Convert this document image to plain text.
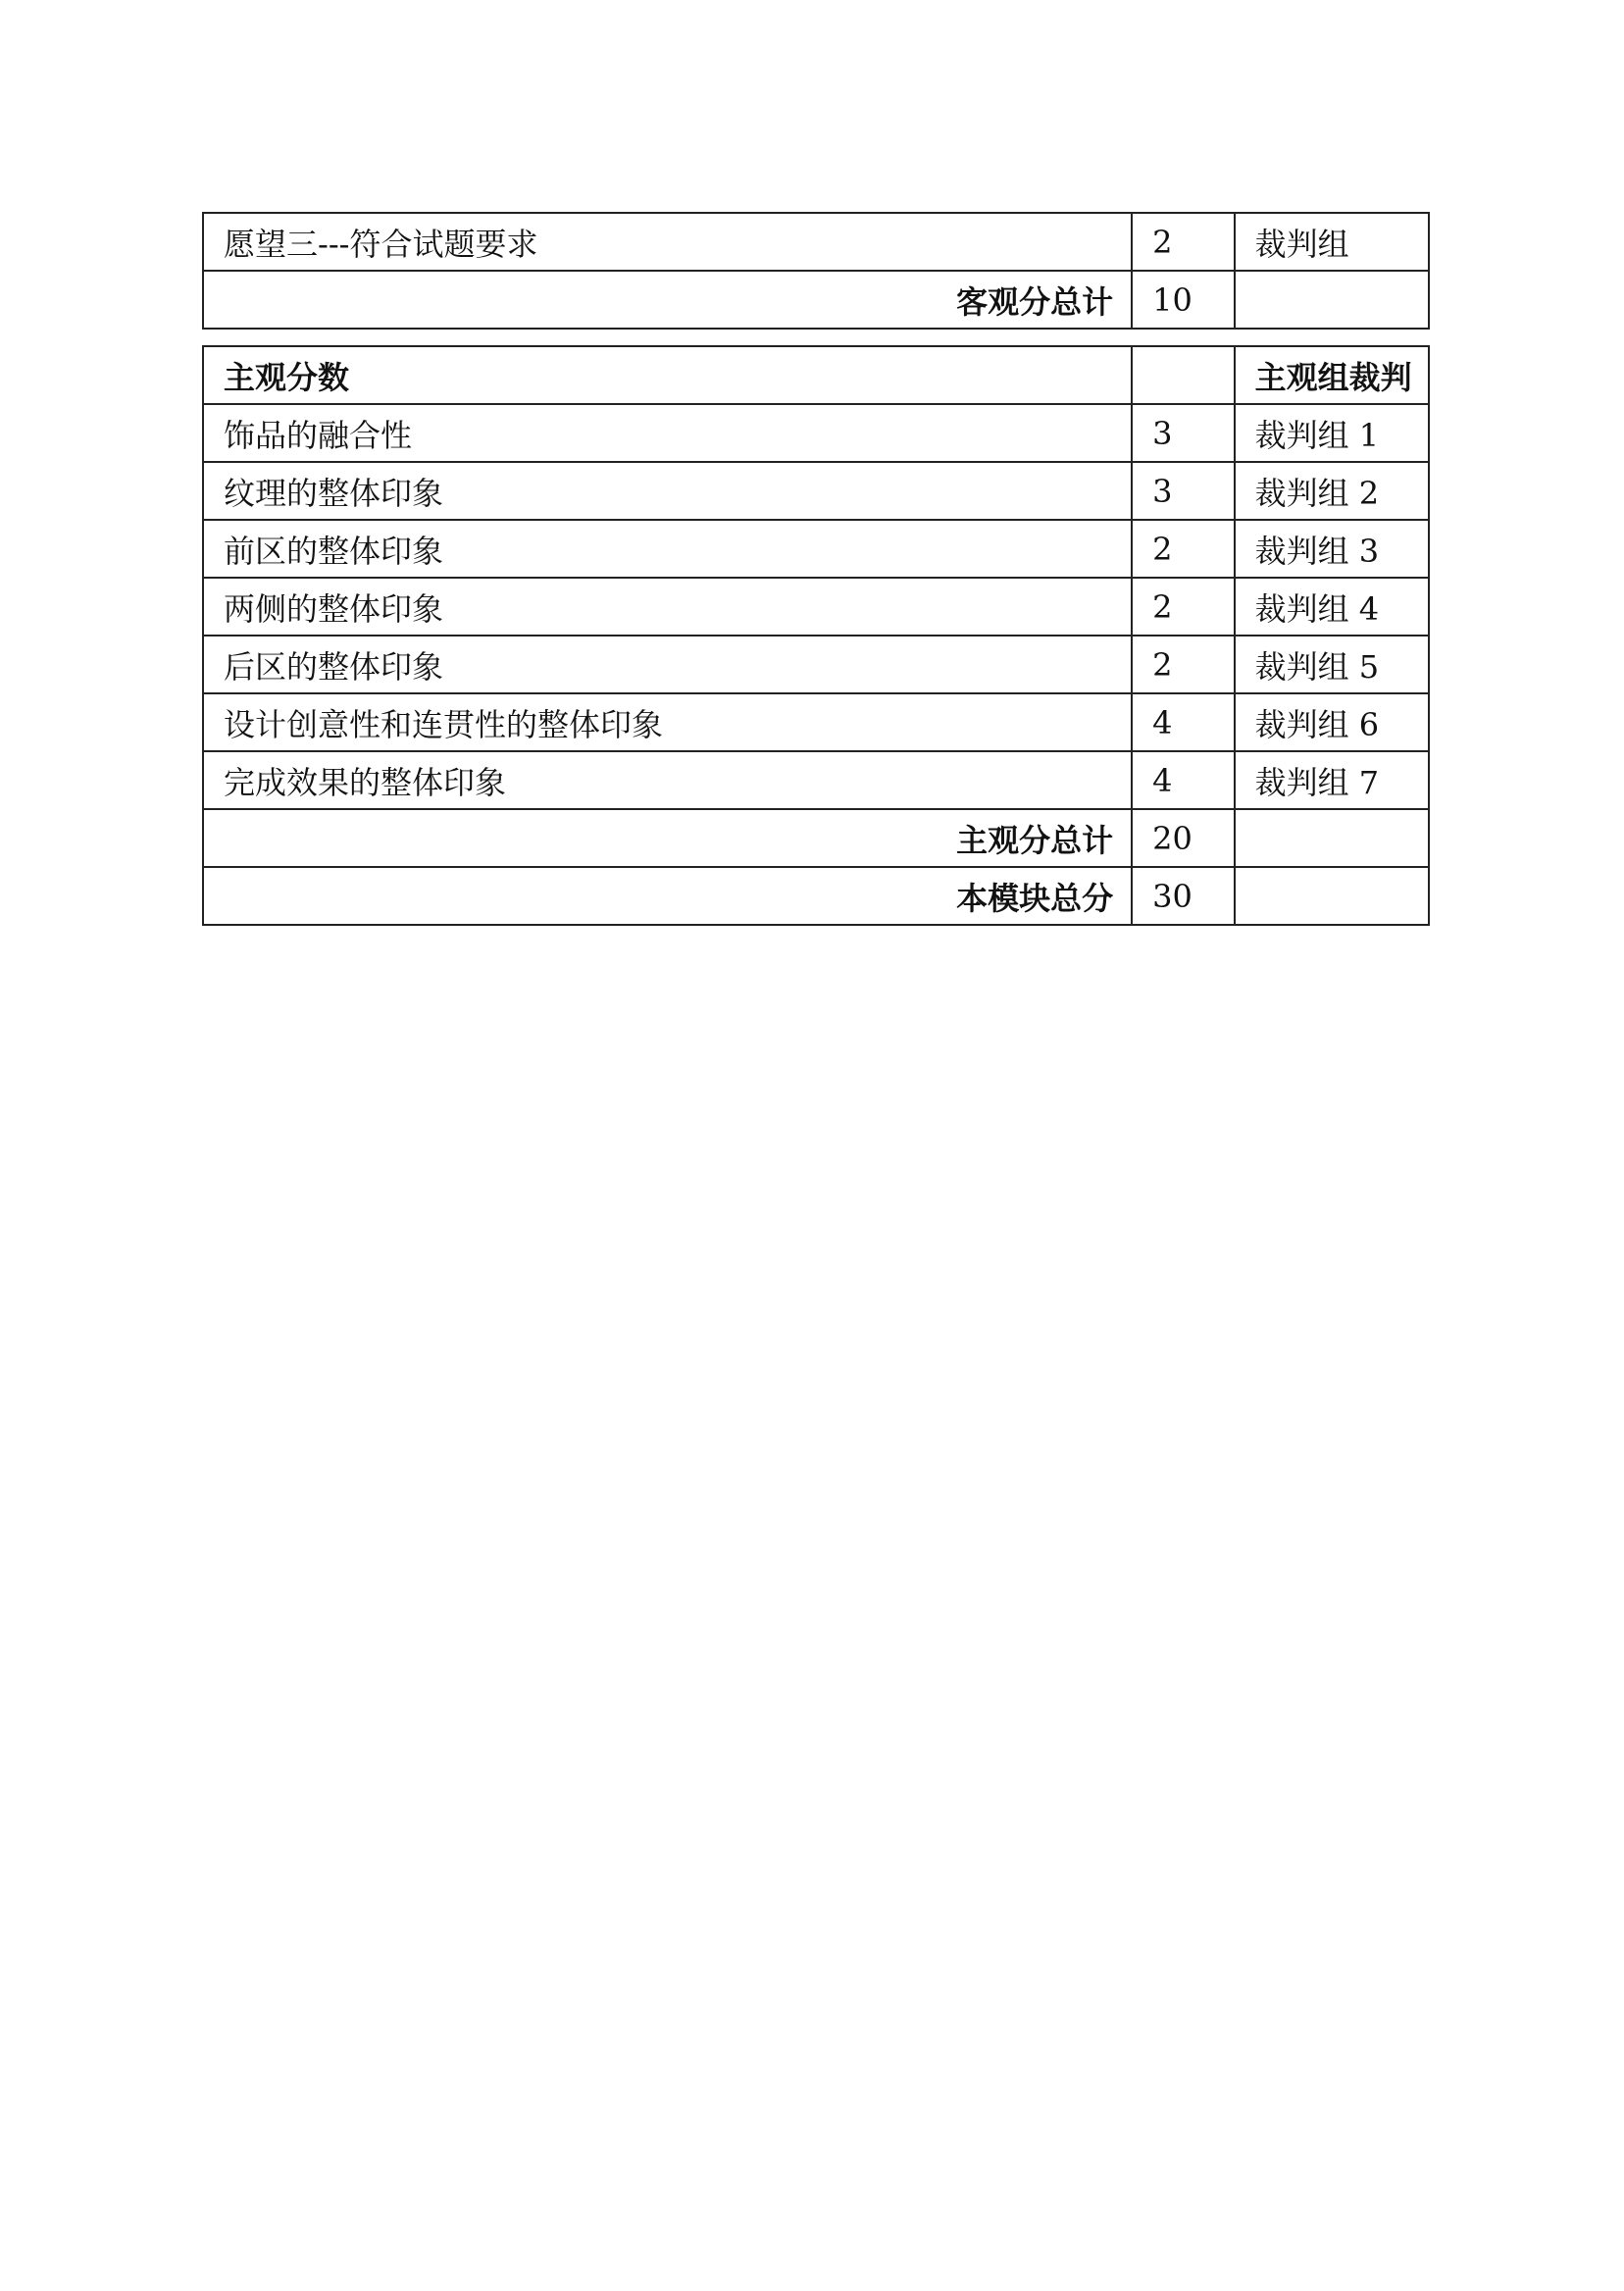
愿望三---符合试题要求	2	裁判组
客观分总计	10	
主观分数		主观组裁判
饰品的融合性	3	裁判组 1
纹理的整体印象	3	裁判组 2
前区的整体印象	2	裁判组 3
两侧的整体印象	2	裁判组 4
后区的整体印象	2	裁判组 5
设计创意性和连贯性的整体印象	4	裁判组 6
完成效果的整体印象	4	裁判组 7
主观分总计	20	
本模块总分	30	
